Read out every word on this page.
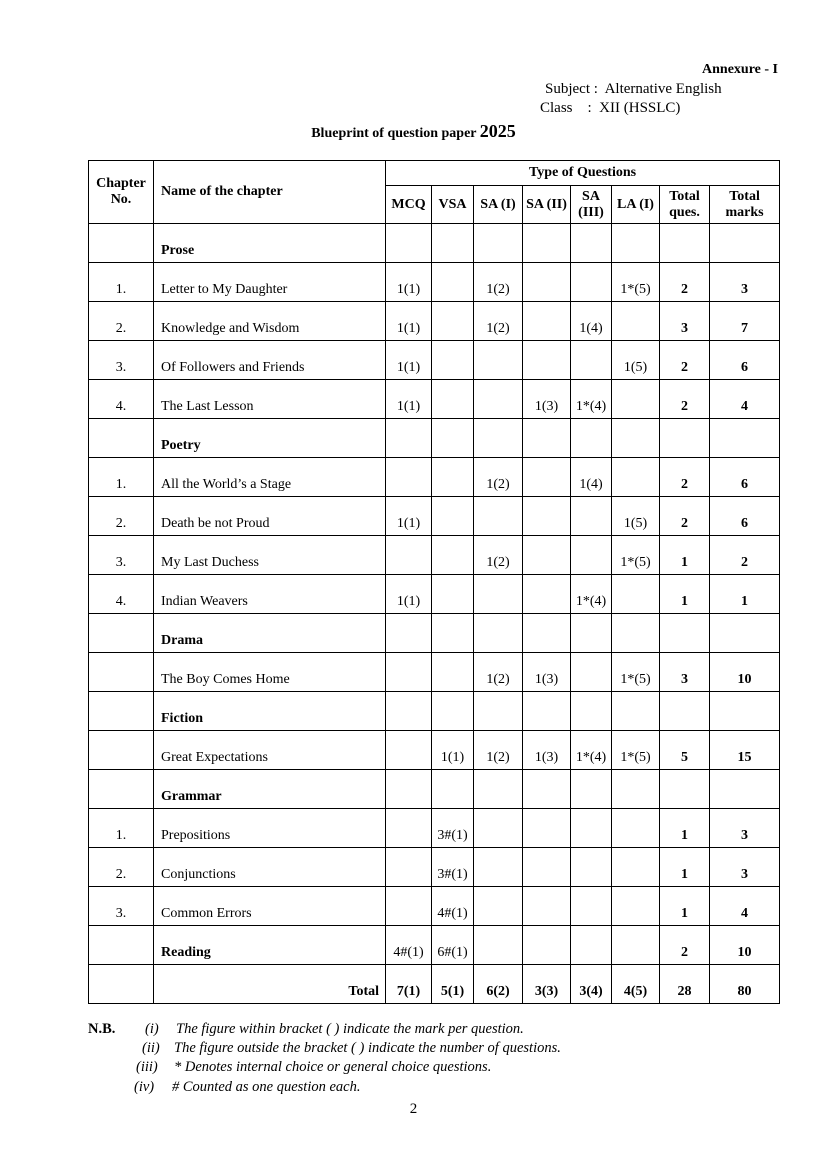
Annexure - I
Subject :  Alternative English
Class    :  XII (HSSLC)
Blueprint of question paper 2025
Chapter No.	Name of the chapter	Type of Questions							
		MCQ	VSA	SA (I)	SA (II)	SA (III)	LA (I)	Total ques.	Total marks
	Prose								
1.	Letter to My Daughter	1(1)		1(2)			1*(5)	2	3
2.	Knowledge and Wisdom	1(1)		1(2)		1(4)		3	7
3.	Of Followers and Friends	1(1)					1(5)	2	6
4.	The Last Lesson	1(1)			1(3)	1*(4)		2	4
	Poetry								
1.	All the World’s a Stage			1(2)		1(4)		2	6
2.	Death be not Proud	1(1)					1(5)	2	6
3.	My Last Duchess			1(2)			1*(5)	1	2
4.	Indian Weavers	1(1)				1*(4)		1	1
	Drama								
	The Boy Comes Home			1(2)	1(3)		1*(5)	3	10
	Fiction								
	Great Expectations		1(1)	1(2)	1(3)	1*(4)	1*(5)	5	15
	Grammar								
1.	Prepositions		3#(1)					1	3
2.	Conjunctions		3#(1)					1	3
3.	Common Errors		4#(1)					1	4
	Reading	4#(1)	6#(1)					2	10
	Total	7(1)	5(1)	6(2)	3(3)	3(4)	4(5)	28	80
N.B. (i) The figure within bracket ( ) indicate the mark per question.
(ii) The figure outside the bracket ( ) indicate the number of questions.
(iii) * Denotes internal choice or general choice questions.
(iv) # Counted as one question each.
2
